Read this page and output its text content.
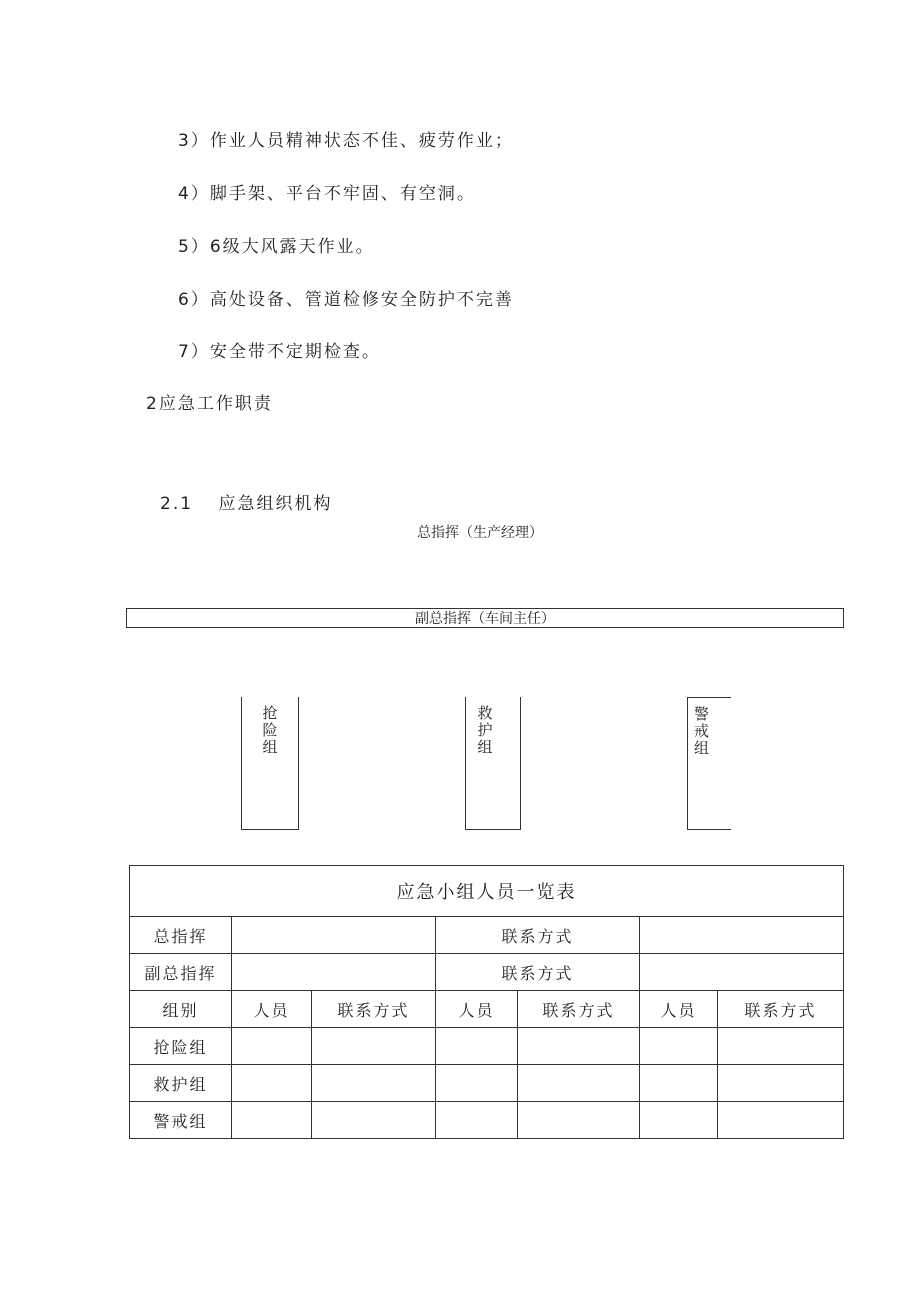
3）作业人员精神状态不佳、疲劳作业；
4）脚手架、平台不牢固、有空洞。
5）6级大风露天作业。
6）高处设备、管道检修安全防护不完善
7）安全带不定期检查。
2应急工作职责
2.1 应急组织机构
总指挥（生产经理）
副总指挥（车间主任）
抢
险
组
救
护
组
警
戒
组
应急小组人员一览表						
总指挥			联系方式			
副总指挥			联系方式			
组别	人员	联系方式	人员	联系方式	人员	联系方式
抢险组						
救护组						
警戒组						
